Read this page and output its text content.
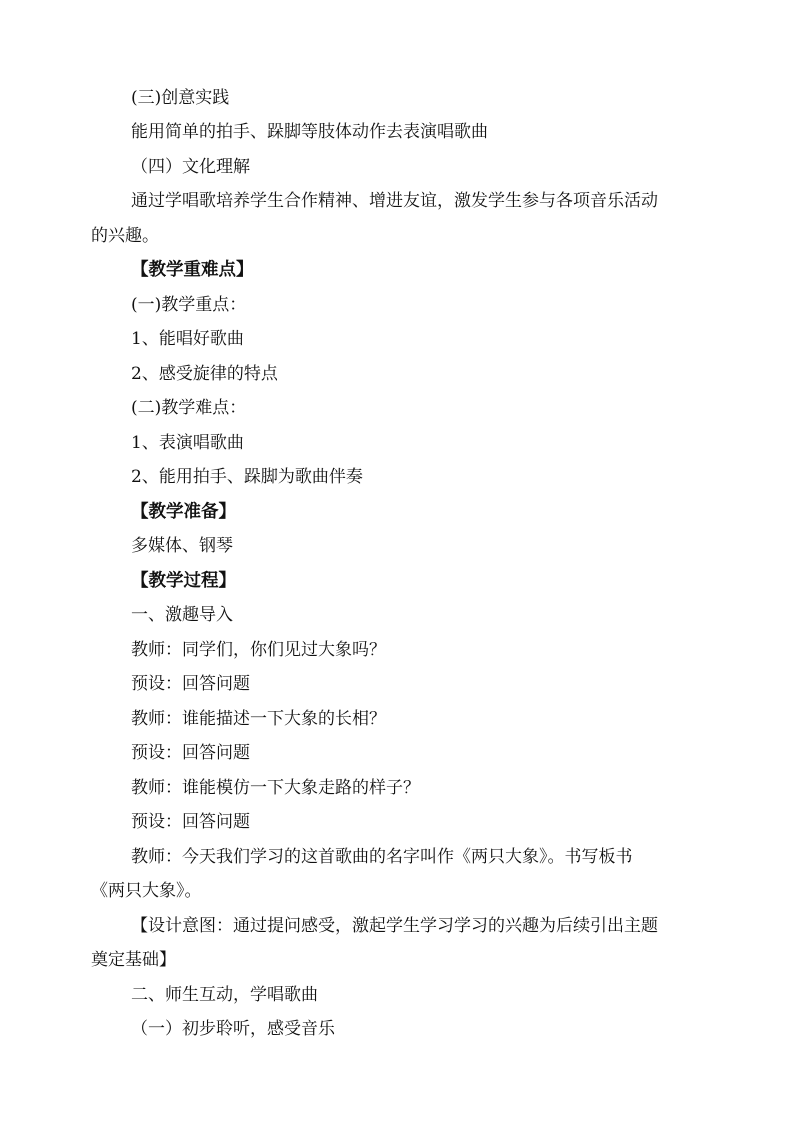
(三)创意实践
能用简单的拍手、跺脚等肢体动作去表演唱歌曲
（四）文化理解
通过学唱歌培养学生合作精神、增进友谊，激发学生参与各项音乐活动
的兴趣。
【教学重难点】
(一)教学重点：
1、能唱好歌曲
2、感受旋律的特点
(二)教学难点：
1、表演唱歌曲
2、能用拍手、跺脚为歌曲伴奏
【教学准备】
多媒体、钢琴
【教学过程】
一、激趣导入
教师：同学们，你们见过大象吗？
预设：回答问题
教师：谁能描述一下大象的长相？
预设：回答问题
教师：谁能模仿一下大象走路的样子？
预设：回答问题
教师：今天我们学习的这首歌曲的名字叫作《两只大象》。书写板书
《两只大象》。
【设计意图：通过提问感受，激起学生学习学习的兴趣为后续引出主题
奠定基础】
二、师生互动，学唱歌曲
（一）初步聆听，感受音乐
